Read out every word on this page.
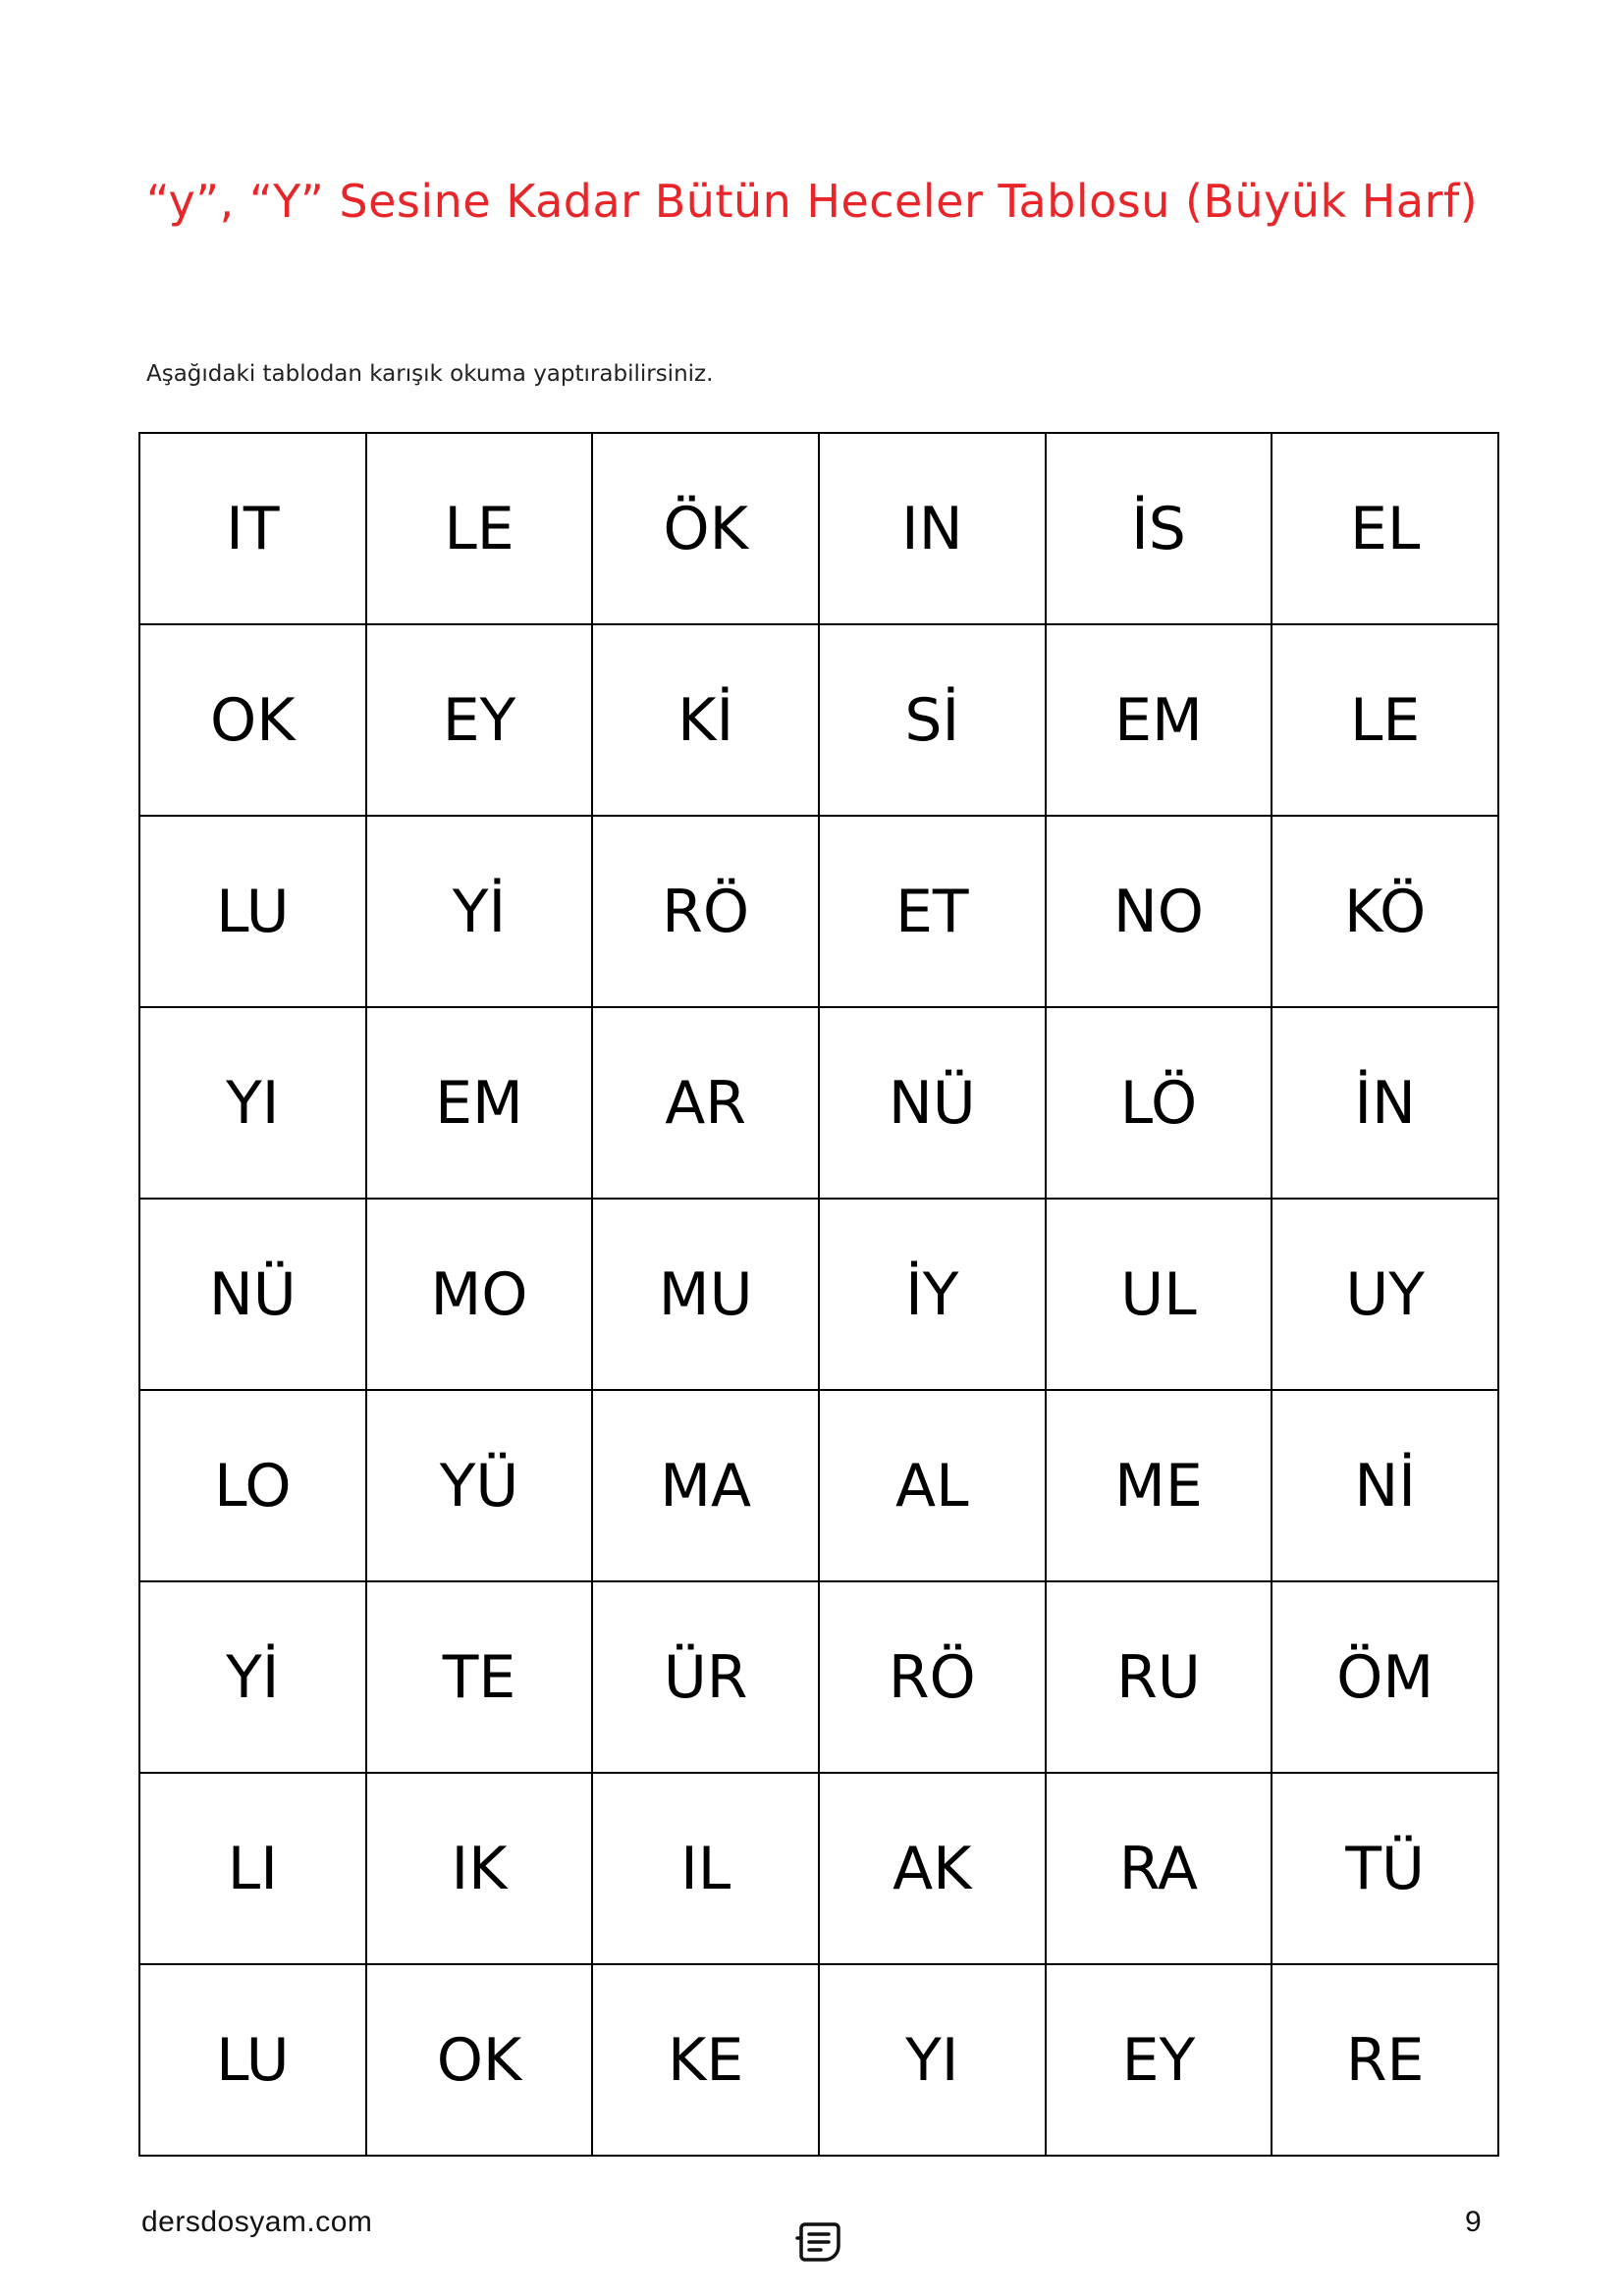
“y”, “Y” Sesine Kadar Bütün Heceler Tablosu (Büyük Harf)
Aşağıdaki tablodan karışık okuma yaptırabilirsiniz.
IT	LE	ÖK	IN	İS	EL
OK	EY	Kİ	Sİ	EM	LE
LU	Yİ	RÖ	ET	NO	KÖ
YI	EM	AR	NÜ	LÖ	İN
NÜ	MO	MU	İY	UL	UY
LO	YÜ	MA	AL	ME	Nİ
Yİ	TE	ÜR	RÖ	RU	ÖM
LI	IK	IL	AK	RA	TÜ
LU	OK	KE	YI	EY	RE
dersdosyam.com	9
